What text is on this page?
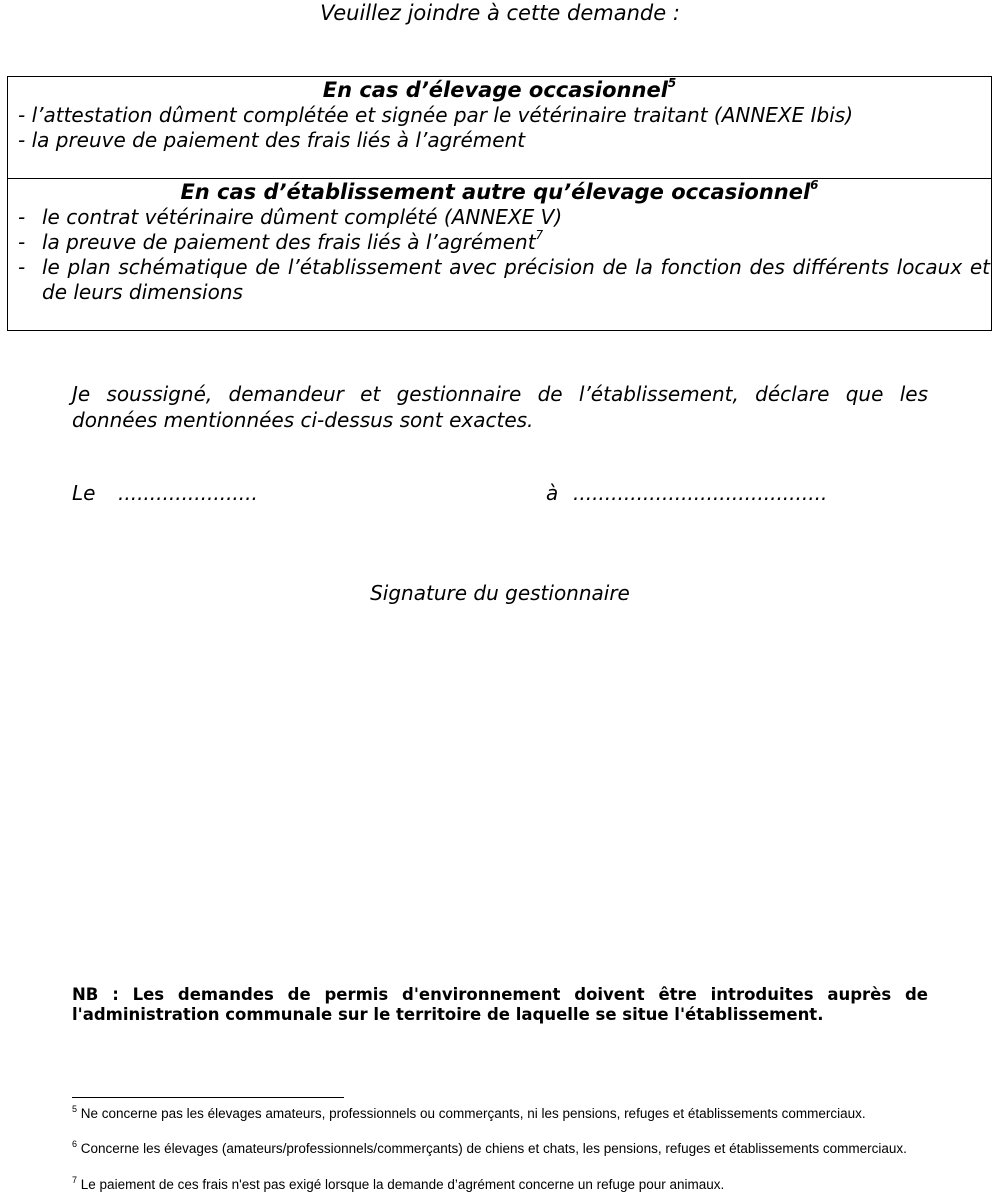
Veuillez joindre à cette demande :
En cas d’élevage occasionnel$^5$
- l’attestation dûment complétée et signée par le vétérinaire traitant (ANNEXE Ibis)
- la preuve de paiement des frais liés à l’agrément
En cas d’établissement autre qu’élevage occasionnel$^6$
- le contrat vétérinaire dûment complété (ANNEXE V)
- la preuve de paiement des frais liés à l’agrément$^7$
- le plan schématique de l’établissement avec précision de la fonction des différents locaux et de leurs dimensions
Je soussigné, demandeur et gestionnaire de l’établissement, déclare que les données mentionnées ci-dessus sont exactes.
Le ......................	à ........................................
Signature du gestionnaire
NB : Les demandes de permis d'environnement doivent être introduites auprès de l'administration communale sur le territoire de laquelle se situe l'établissement.
$^5$ Ne concerne pas les élevages amateurs, professionnels ou commerçants, ni les pensions, refuges et établissements commerciaux.
$^6$ Concerne les élevages (amateurs/professionnels/commerçants) de chiens et chats, les pensions, refuges et établissements commerciaux.
$^7$ Le paiement de ces frais n'est pas exigé lorsque la demande d’agrément concerne un refuge pour animaux.
